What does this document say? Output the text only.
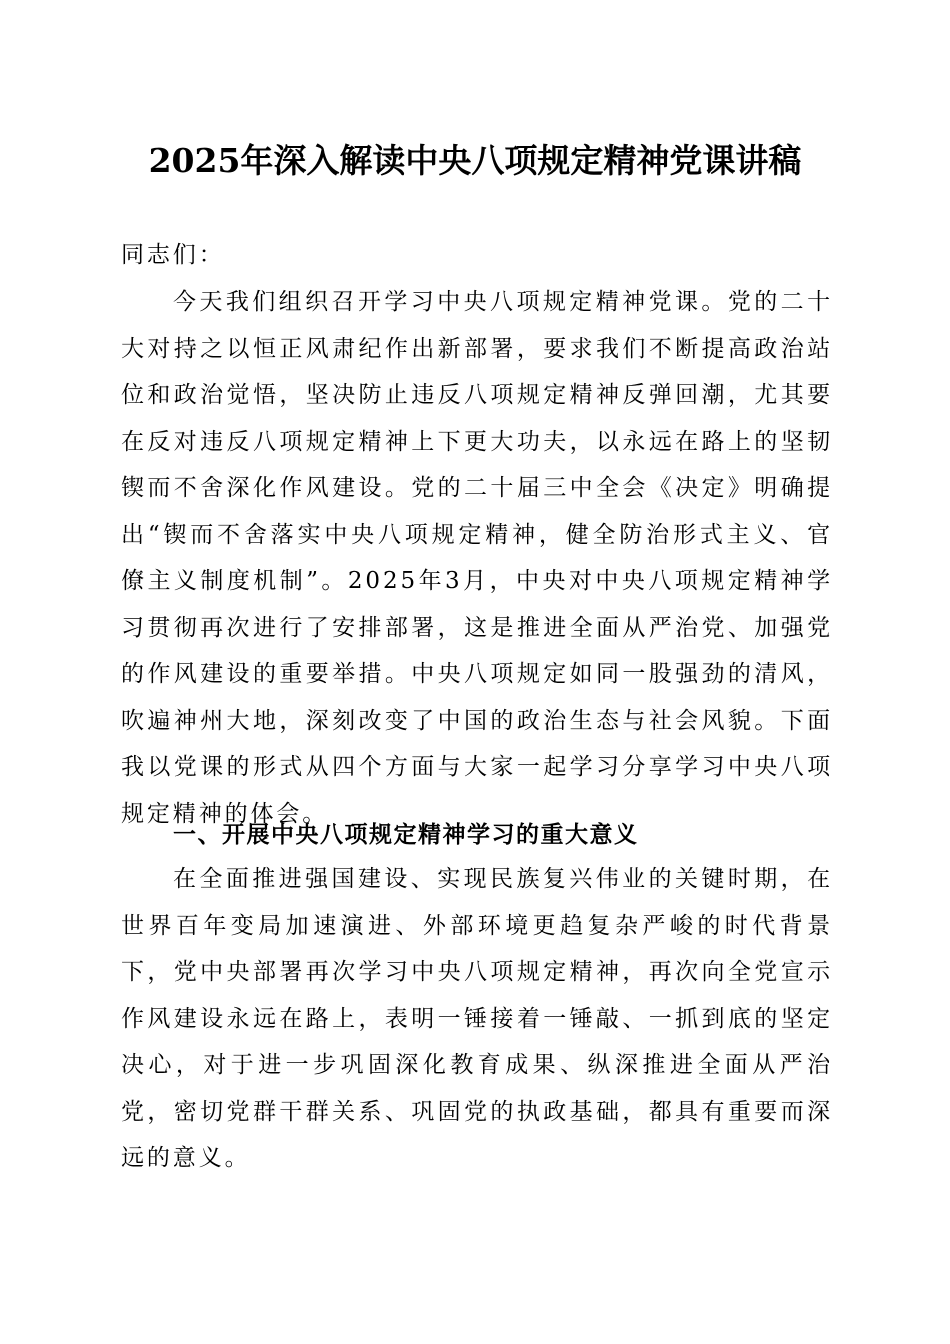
2025年深入解读中央八项规定精神党课讲稿
同志们：
今天我们组织召开学习中央八项规定精神党课。党的二十大对持之以恒正风肃纪作出新部署，要求我们不断提高政治站位和政治觉悟，坚决防止违反八项规定精神反弹回潮，尤其要在反对违反八项规定精神上下更大功夫，以永远在路上的坚韧锲而不舍深化作风建设。党的二十届三中全会《决定》明确提出“锲而不舍落实中央八项规定精神，健全防治形式主义、官僚主义制度机制”。2025年3月，中央对中央八项规定精神学习贯彻再次进行了安排部署，这是推进全面从严治党、加强党的作风建设的重要举措。中央八项规定如同一股强劲的清风，吹遍神州大地，深刻改变了中国的政治生态与社会风貌。下面我以党课的形式从四个方面与大家一起学习分享学习中央八项规定精神的体会。
一、开展中央八项规定精神学习的重大意义
在全面推进强国建设、实现民族复兴伟业的关键时期，在世界百年变局加速演进、外部环境更趋复杂严峻的时代背景下，党中央部署再次学习中央八项规定精神，再次向全党宣示作风建设永远在路上，表明一锤接着一锤敲、一抓到底的坚定决心，对于进一步巩固深化教育成果、纵深推进全面从严治党，密切党群干群关系、巩固党的执政基础，都具有重要而深远的意义。
